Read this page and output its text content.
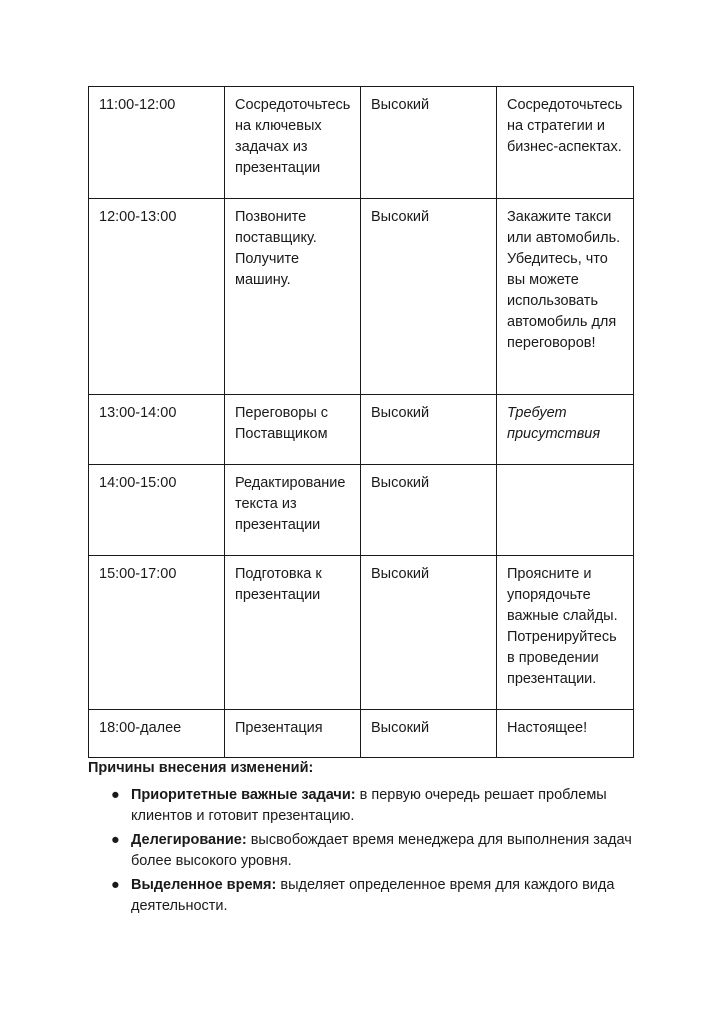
11:00-12:00	Сосредоточьтесь на ключевых задачах из презентации	Высокий	Сосредоточьтесь на стратегии и бизнес-аспектах.
12:00-13:00	Позвоните поставщику. Получите машину.	Высокий	Закажите такси или автомобиль. Убедитесь, что вы можете использовать автомобиль для переговоров!
13:00-14:00	Переговоры с Поставщиком	Высокий	Требует присутствия
14:00-15:00	Редактирование текста из презентации	Высокий	
15:00-17:00	Подготовка к презентации	Высокий	Проясните и упорядочьте важные слайды. Потренируйтесь в проведении презентации.
18:00-далее	Презентация	Высокий	Настоящее!

Причины внесения изменений:

● Приоритетные важные задачи: в первую очередь решает проблемы клиентов и готовит презентацию.
● Делегирование: высвобождает время менеджера для выполнения задач более высокого уровня.
● Выделенное время: выделяет определенное время для каждого вида деятельности.
